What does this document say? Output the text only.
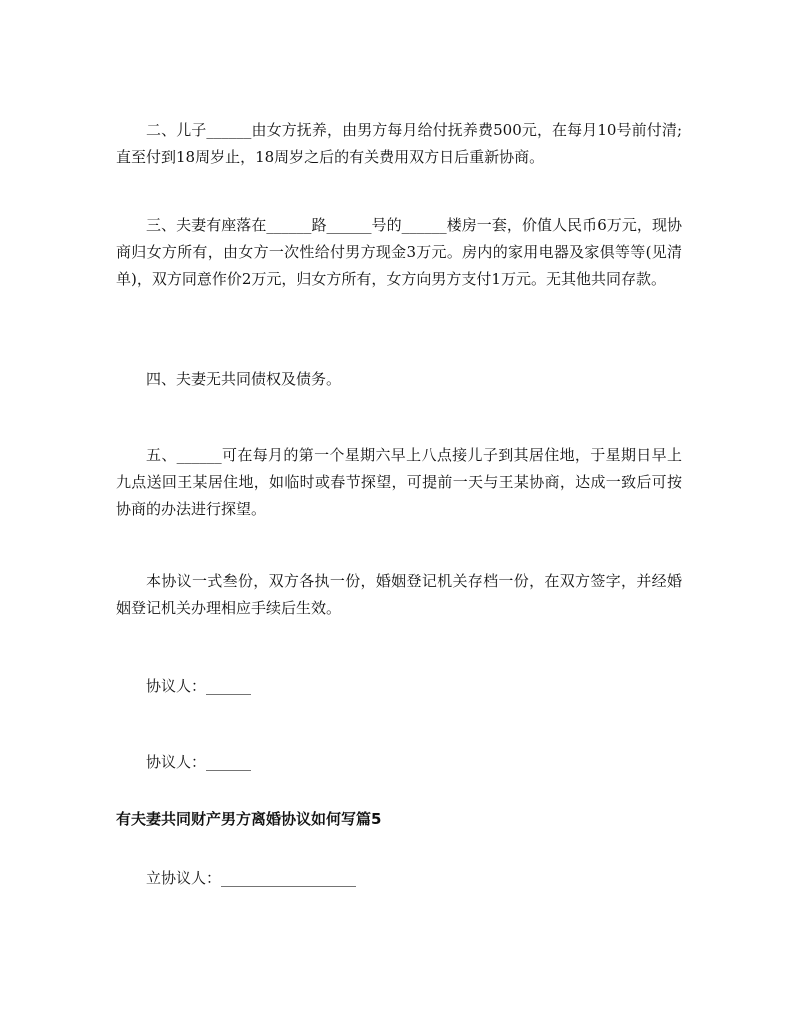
二、儿子______由女方抚养，由男方每月给付抚养费500元，在每月10号前付清;直至付到18周岁止，18周岁之后的有关费用双方日后重新协商。

三、夫妻有座落在______路______号的______楼房一套，价值人民币6万元，现协商归女方所有，由女方一次性给付男方现金3万元。房内的家用电器及家俱等等(见清单)，双方同意作价2万元，归女方所有，女方向男方支付1万元。无其他共同存款。

四、夫妻无共同债权及债务。

五、______可在每月的第一个星期六早上八点接儿子到其居住地，于星期日早上九点送回王某居住地，如临时或春节探望，可提前一天与王某协商，达成一致后可按协商的办法进行探望。

本协议一式叁份，双方各执一份，婚姻登记机关存档一份，在双方签字，并经婚姻登记机关办理相应手续后生效。

协议人：______

协议人：______

有夫妻共同财产男方离婚协议如何写篇5

立协议人：__________________
